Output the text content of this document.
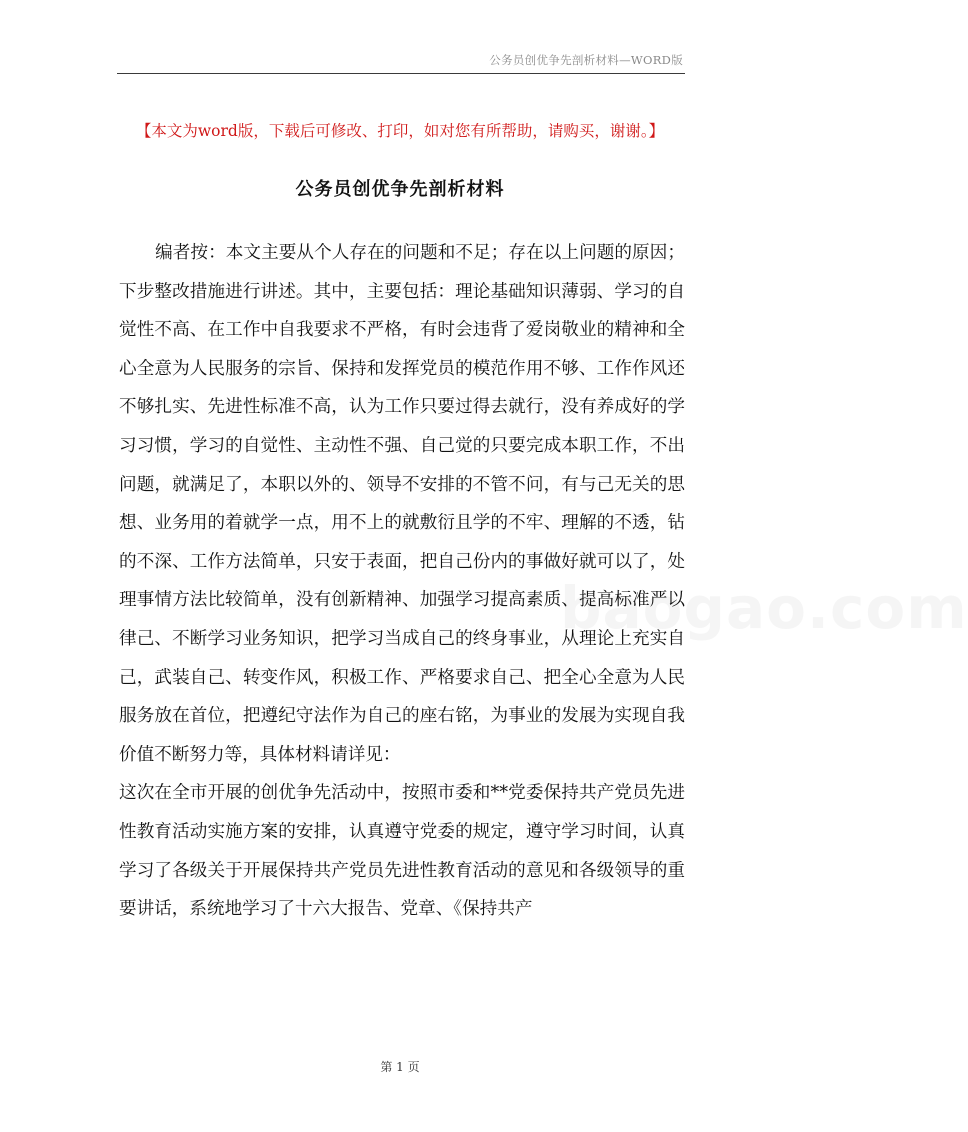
公务员创优争先剖析材料—WORD版
【本文为word版，下载后可修改、打印，如对您有所帮助，请购买，谢谢。】
公务员创优争先剖析材料

编者按：本文主要从个人存在的问题和不足；存在以上问题的原因；下步整改措施进行讲述。其中，主要包括：理论基础知识薄弱、学习的自觉性不高、在工作中自我要求不严格，有时会违背了爱岗敬业的精神和全心全意为人民服务的宗旨、保持和发挥党员的模范作用不够、工作作风还不够扎实、先进性标准不高，认为工作只要过得去就行，没有养成好的学习习惯，学习的自觉性、主动性不强、自己觉的只要完成本职工作，不出问题，就满足了，本职以外的、领导不安排的不管不问，有与己无关的思想、业务用的着就学一点，用不上的就敷衍且学的不牢、理解的不透，钻的不深、工作方法简单，只安于表面，把自己份内的事做好就可以了，处理事情方法比较简单，没有创新精神、加强学习提高素质、提高标准严以律己、不断学习业务知识，把学习当成自己的终身事业，从理论上充实自己，武装自己、转变作风，积极工作、严格要求自己、把全心全意为人民服务放在首位，把遵纪守法作为自己的座右铭，为事业的发展为实现自我价值不断努力等，具体材料请详见：

这次在全市开展的创优争先活动中，按照市委和**党委保持共产党员先进性教育活动实施方案的安排，认真遵守党委的规定，遵守学习时间，认真学习了各级关于开展保持共产党员先进性教育活动的意见和各级领导的重要讲话，系统地学习了十六大报告、党章、《保持共产

baogao.com
第 1 页
